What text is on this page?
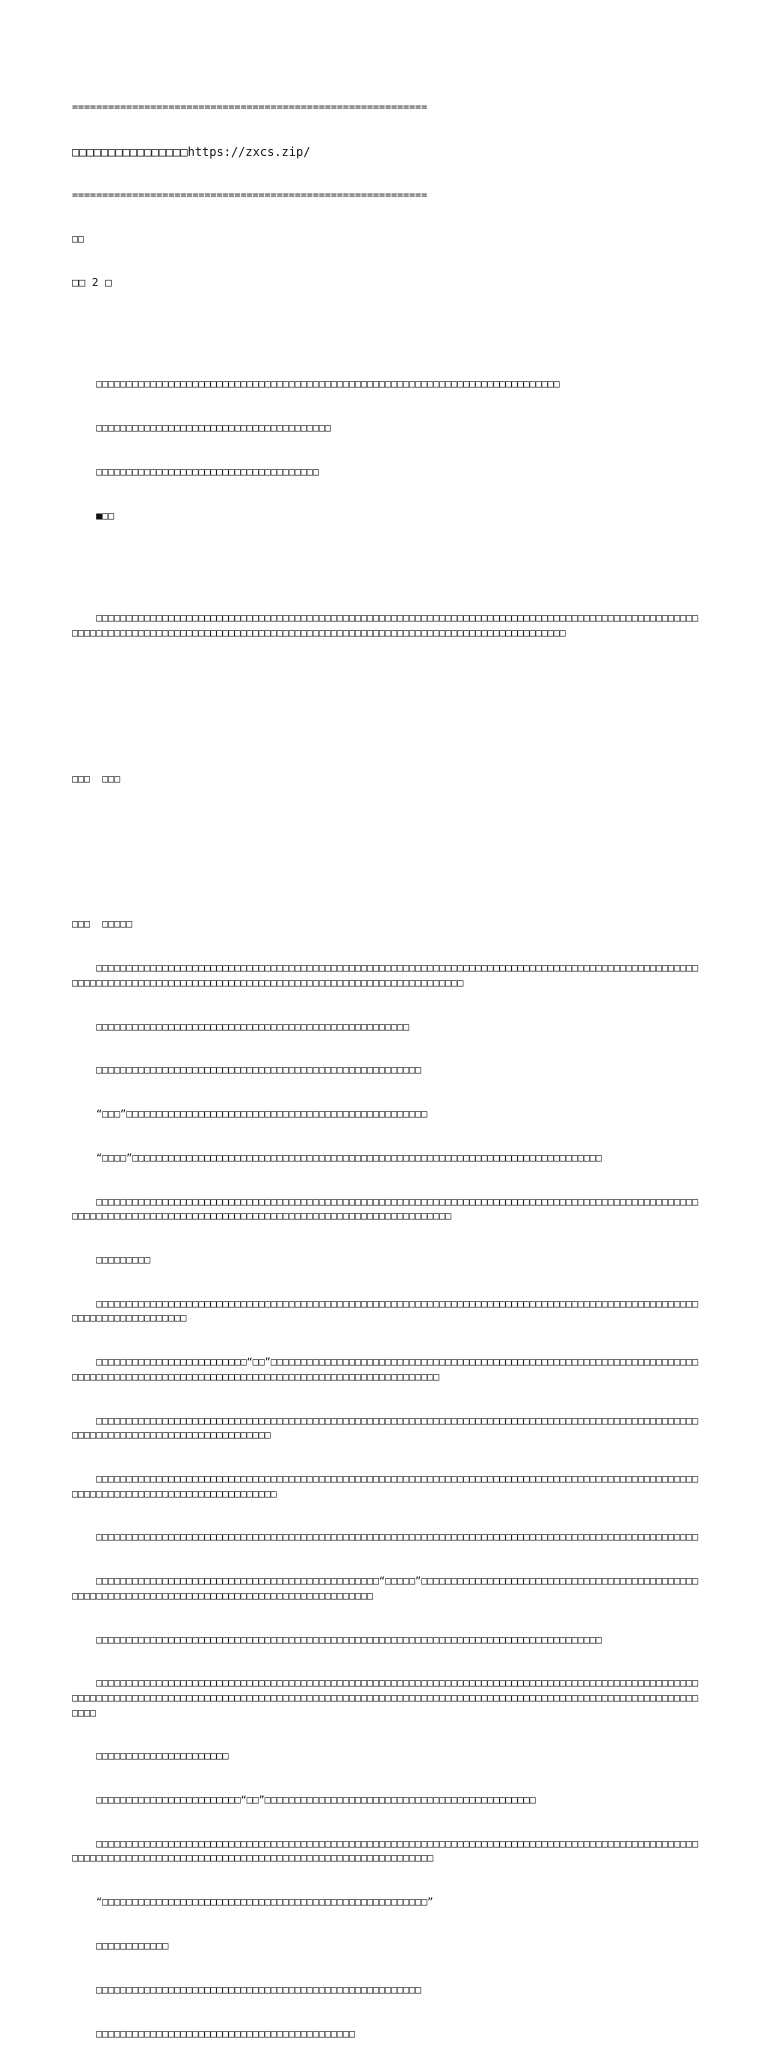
===========================================================

□□□□□□□□□□□□□□□□https://zxcs.zip/

===========================================================

□□

□□ 2 □

□□□□□□□□□□□□□□□□□□□□□□□□□□□□□□□□□□□□□□□□□□□□□□□□□□□□□□□□□□□□□□□□□□□□□□□□□□□□□

□□□□□□□□□□□□□□□□□□□□□□□□□□□□□□□□□□□□□□□

□□□□□□□□□□□□□□□□□□□□□□□□□□□□□□□□□□□□□

■□□

□□□□□□□□□□□□□□□□□□□□□□□□□□□□□□□□□□□□□□□□□□□□□□□□□□□□□□□□□□□□□□□□□□□□□□□□□□□□□□□□□□□□□□□□□□□□□□□□□□□□□□□□□□□□□□□□□□□□□□□□□□□□□□□□□□□□□□□□□□□□□□□□□□□□□□□□□□□□□□□□□□□□□□□□□□□□□□□□□□□□□□

□□□  □□□

□□□  □□□□□

□□□□□□□□□□□□□□□□□□□□□□□□□□□□□□□□□□□□□□□□□□□□□□□□□□□□□□□□□□□□□□□□□□□□□□□□□□□□□□□□□□□□□□□□□□□□□□□□□□□□□□□□□□□□□□□□□□□□□□□□□□□□□□□□□□□□□□□□□□□□□□□□□□□□□□□□□□□□□□□□□□□□□

□□□□□□□□□□□□□□□□□□□□□□□□□□□□□□□□□□□□□□□□□□□□□□□□□□□□

□□□□□□□□□□□□□□□□□□□□□□□□□□□□□□□□□□□□□□□□□□□□□□□□□□□□□□

“□□□”□□□□□□□□□□□□□□□□□□□□□□□□□□□□□□□□□□□□□□□□□□□□□□□□□□

“□□□□”□□□□□□□□□□□□□□□□□□□□□□□□□□□□□□□□□□□□□□□□□□□□□□□□□□□□□□□□□□□□□□□□□□□□□□□□□□□□□□

□□□□□□□□□□□□□□□□□□□□□□□□□□□□□□□□□□□□□□□□□□□□□□□□□□□□□□□□□□□□□□□□□□□□□□□□□□□□□□□□□□□□□□□□□□□□□□□□□□□□□□□□□□□□□□□□□□□□□□□□□□□□□□□□□□□□□□□□□□□□□□□□□□□□□□□□□□□□□□□□□□□

□□□□□□□□□

□□□□□□□□□□□□□□□□□□□□□□□□□□□□□□□□□□□□□□□□□□□□□□□□□□□□□□□□□□□□□□□□□□□□□□□□□□□□□□□□□□□□□□□□□□□□□□□□□□□□□□□□□□□□□□□□□□□□□□□

□□□□□□□□□□□□□□□□□□□□□□□□□“□□”□□□□□□□□□□□□□□□□□□□□□□□□□□□□□□□□□□□□□□□□□□□□□□□□□□□□□□□□□□□□□□□□□□□□□□□□□□□□□□□□□□□□□□□□□□□□□□□□□□□□□□□□□□□□□□□□□□□□□□□□□□□□□□□□□□□□

□□□□□□□□□□□□□□□□□□□□□□□□□□□□□□□□□□□□□□□□□□□□□□□□□□□□□□□□□□□□□□□□□□□□□□□□□□□□□□□□□□□□□□□□□□□□□□□□□□□□□□□□□□□□□□□□□□□□□□□□□□□□□□□□□□□□□

□□□□□□□□□□□□□□□□□□□□□□□□□□□□□□□□□□□□□□□□□□□□□□□□□□□□□□□□□□□□□□□□□□□□□□□□□□□□□□□□□□□□□□□□□□□□□□□□□□□□□□□□□□□□□□□□□□□□□□□□□□□□□□□□□□□□□□

□□□□□□□□□□□□□□□□□□□□□□□□□□□□□□□□□□□□□□□□□□□□□□□□□□□□□□□□□□□□□□□□□□□□□□□□□□□□□□□□□□□□□□□□□□□□□□□□□□□□

□□□□□□□□□□□□□□□□□□□□□□□□□□□□□□□□□□□□□□□□□□□□□□□“□□□□□”□□□□□□□□□□□□□□□□□□□□□□□□□□□□□□□□□□□□□□□□□□□□□□□□□□□□□□□□□□□□□□□□□□□□□□□□□□□□□□□□□□□□□□□□□□□□□□□□

□□□□□□□□□□□□□□□□□□□□□□□□□□□□□□□□□□□□□□□□□□□□□□□□□□□□□□□□□□□□□□□□□□□□□□□□□□□□□□□□□□□□

□□□□□□□□□□□□□□□□□□□□□□□□□□□□□□□□□□□□□□□□□□□□□□□□□□□□□□□□□□□□□□□□□□□□□□□□□□□□□□□□□□□□□□□□□□□□□□□□□□□□□□□□□□□□□□□□□□□□□□□□□□□□□□□□□□□□□□□□□□□□□□□□□□□□□□□□□□□□□□□□□□□□□□□□□□□□□□□□□□□□□□□□□□□□□□□□□□□□□□□□□□□□□□□□

□□□□□□□□□□□□□□□□□□□□□□

□□□□□□□□□□□□□□□□□□□□□□□□“□□”□□□□□□□□□□□□□□□□□□□□□□□□□□□□□□□□□□□□□□□□□□□□□

□□□□□□□□□□□□□□□□□□□□□□□□□□□□□□□□□□□□□□□□□□□□□□□□□□□□□□□□□□□□□□□□□□□□□□□□□□□□□□□□□□□□□□□□□□□□□□□□□□□□□□□□□□□□□□□□□□□□□□□□□□□□□□□□□□□□□□□□□□□□□□□□□□□□□□□□□□□□□□□□

“□□□□□□□□□□□□□□□□□□□□□□□□□□□□□□□□□□□□□□□□□□□□□□□□□□□□□□”

□□□□□□□□□□□□

□□□□□□□□□□□□□□□□□□□□□□□□□□□□□□□□□□□□□□□□□□□□□□□□□□□□□□

□□□□□□□□□□□□□□□□□□□□□□□□□□□□□□□□□□□□□□□□□□□
